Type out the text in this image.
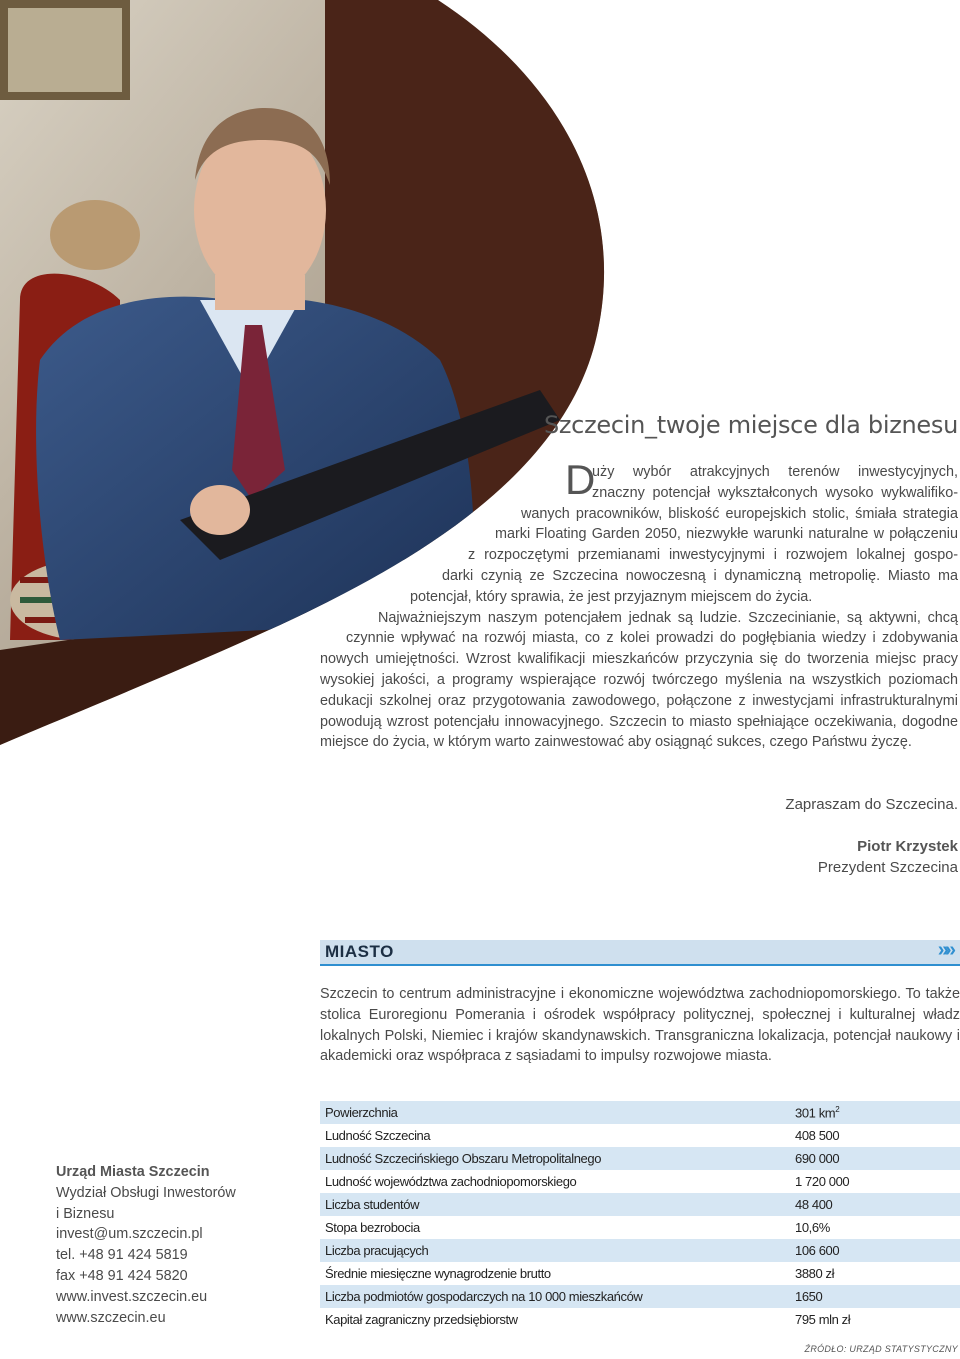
Szczecin_twoje miejsce dla biznesu
D
uży wybór atrakcyjnych terenów inwestycyjnych,
znaczny potencjał wykształconych wysoko wykwalifiko-
wanych pracowników, bliskość europejskich stolic, śmiała strategia
marki Floating Garden 2050, niezwykłe warunki naturalne w połączeniu
z rozpoczętymi przemianami inwestycyjnymi i rozwojem lokalnej gospo-
darki czynią ze Szczecina nowoczesną i dynamiczną metropolię. Miasto ma
potencjał, który sprawia, że jest przyjaznym miejscem do życia.
Najważniejszym naszym potencjałem jednak są ludzie. Szczecinianie, są aktywni, chcą
czynnie wpływać na rozwój miasta, co z kolei prowadzi do pogłębiania wiedzy i zdobywania
nowych umiejętności. Wzrost kwalifikacji mieszkańców przyczynia się do tworzenia miejsc pracy
wysokiej jakości, a programy wspierające rozwój twórczego myślenia na wszystkich poziomach
edukacji szkolnej oraz przygotowania zawodowego, połączone z inwestycjami infrastrukturalnymi
powodują wzrost potencjału innowacyjnego. Szczecin to miasto spełniające oczekiwania, dogodne
miejsce do życia, w którym warto zainwestować aby osiągnąć sukces, czego Państwu życzę.
Zapraszam do Szczecina.
Piotr Krzystek
Prezydent Szczecina
MIASTO	»»
Szczecin to centrum administracyjne i ekonomiczne województwa zachodniopomorskiego. To także stolica Euroregionu Pomerania i ośrodek współpracy politycznej, społecznej i kulturalnej władz lokalnych Polski, Niemiec i krajów skandynawskich. Transgraniczna lokalizacja, potencjał naukowy i akademicki oraz współpraca z sąsiadami to impulsy rozwojowe miasta.
Urząd Miasta Szczecin
Wydział Obsługi Inwestorów
i Biznesu
invest@um.szczecin.pl
tel. +48 91 424 5819
fax +48 91 424 5820
www.invest.szczecin.eu
www.szczecin.eu
Powierzchnia	301 $km^2$
Ludność Szczecina	408 500
Ludność Szczecińskiego Obszaru Metropolitalnego	690 000
Ludność województwa zachodniopomorskiego	1 720 000
Liczba studentów	48 400
Stopa bezrobocia	10,6%
Liczba pracujących	106 600
Średnie miesięczne wynagrodzenie brutto	3880 zł
Liczba podmiotów gospodarczych na 10 000 mieszkańców	1650
Kapitał zagraniczny przedsiębiorstw	795 mln zł
ŹRÓDŁO: URZĄD STATYSTYCZNY
